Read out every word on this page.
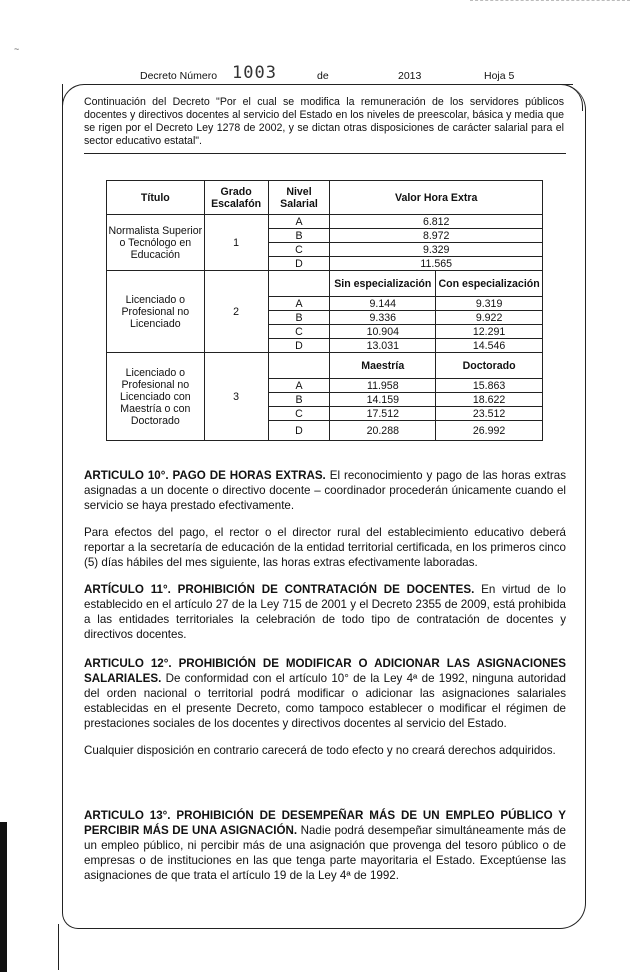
~
Decreto Número 1003	de	2013	Hoja 5
Continuación del Decreto "Por el cual se modifica la remuneración de los servidores públicos docentes y directivos docentes al servicio del Estado en los niveles de preescolar, básica y media que se rigen por el Decreto Ley 1278 de 2002, y se dictan otras disposiciones de carácter salarial para el sector educativo estatal".
Título	Grado Escalafón	Nivel Salarial	Valor Hora Extra	
Normalista Superior o Tecnólogo en Educación	1	A	6.812	
		B	8.972	
		C	9.329	
		D	11.565	
Licenciado o Profesional no Licenciado	2		Sin especialización	Con especialización
		A	9.144	9.319
		B	9.336	9.922
		C	10.904	12.291
		D	13.031	14.546
Licenciado o Profesional no Licenciado con Maestría o con Doctorado	3		Maestría	Doctorado
		A	11.958	15.863
		B	14.159	18.622
		C	17.512	23.512
		D	20.288	26.992

ARTICULO 10°. PAGO DE HORAS EXTRAS. El reconocimiento y pago de las horas extras asignadas a un docente o directivo docente – coordinador procederán únicamente cuando el servicio se haya prestado efectivamente.

Para efectos del pago, el rector o el director rural del establecimiento educativo deberá reportar a la secretaría de educación de la entidad territorial certificada, en los primeros cinco (5) días hábiles del mes siguiente, las horas extras efectivamente laboradas.

ARTÍCULO 11°. PROHIBICIÓN DE CONTRATACIÓN DE DOCENTES. En virtud de lo establecido en el artículo 27 de la Ley 715 de 2001 y el Decreto 2355 de 2009, está prohibida a las entidades territoriales la celebración de todo tipo de contratación de docentes y directivos docentes.

ARTICULO 12°. PROHIBICIÓN DE MODIFICAR O ADICIONAR LAS ASIGNACIONES SALARIALES. De conformidad con el artículo 10° de la Ley 4ª de 1992, ninguna autoridad del orden nacional o territorial podrá modificar o adicionar las asignaciones salariales establecidas en el presente Decreto, como tampoco establecer o modificar el régimen de prestaciones sociales de los docentes y directivos docentes al servicio del Estado.

Cualquier disposición en contrario carecerá de todo efecto y no creará derechos adquiridos.

ARTICULO 13°. PROHIBICIÓN DE DESEMPEÑAR MÁS DE UN EMPLEO PÚBLICO Y PERCIBIR MÁS DE UNA ASIGNACIÓN. Nadie podrá desempeñar simultáneamente más de un empleo público, ni percibir más de una asignación que provenga del tesoro público o de empresas o de instituciones en las que tenga parte mayoritaria el Estado. Exceptúense las asignaciones de que trata el artículo 19 de la Ley 4ª de 1992.
